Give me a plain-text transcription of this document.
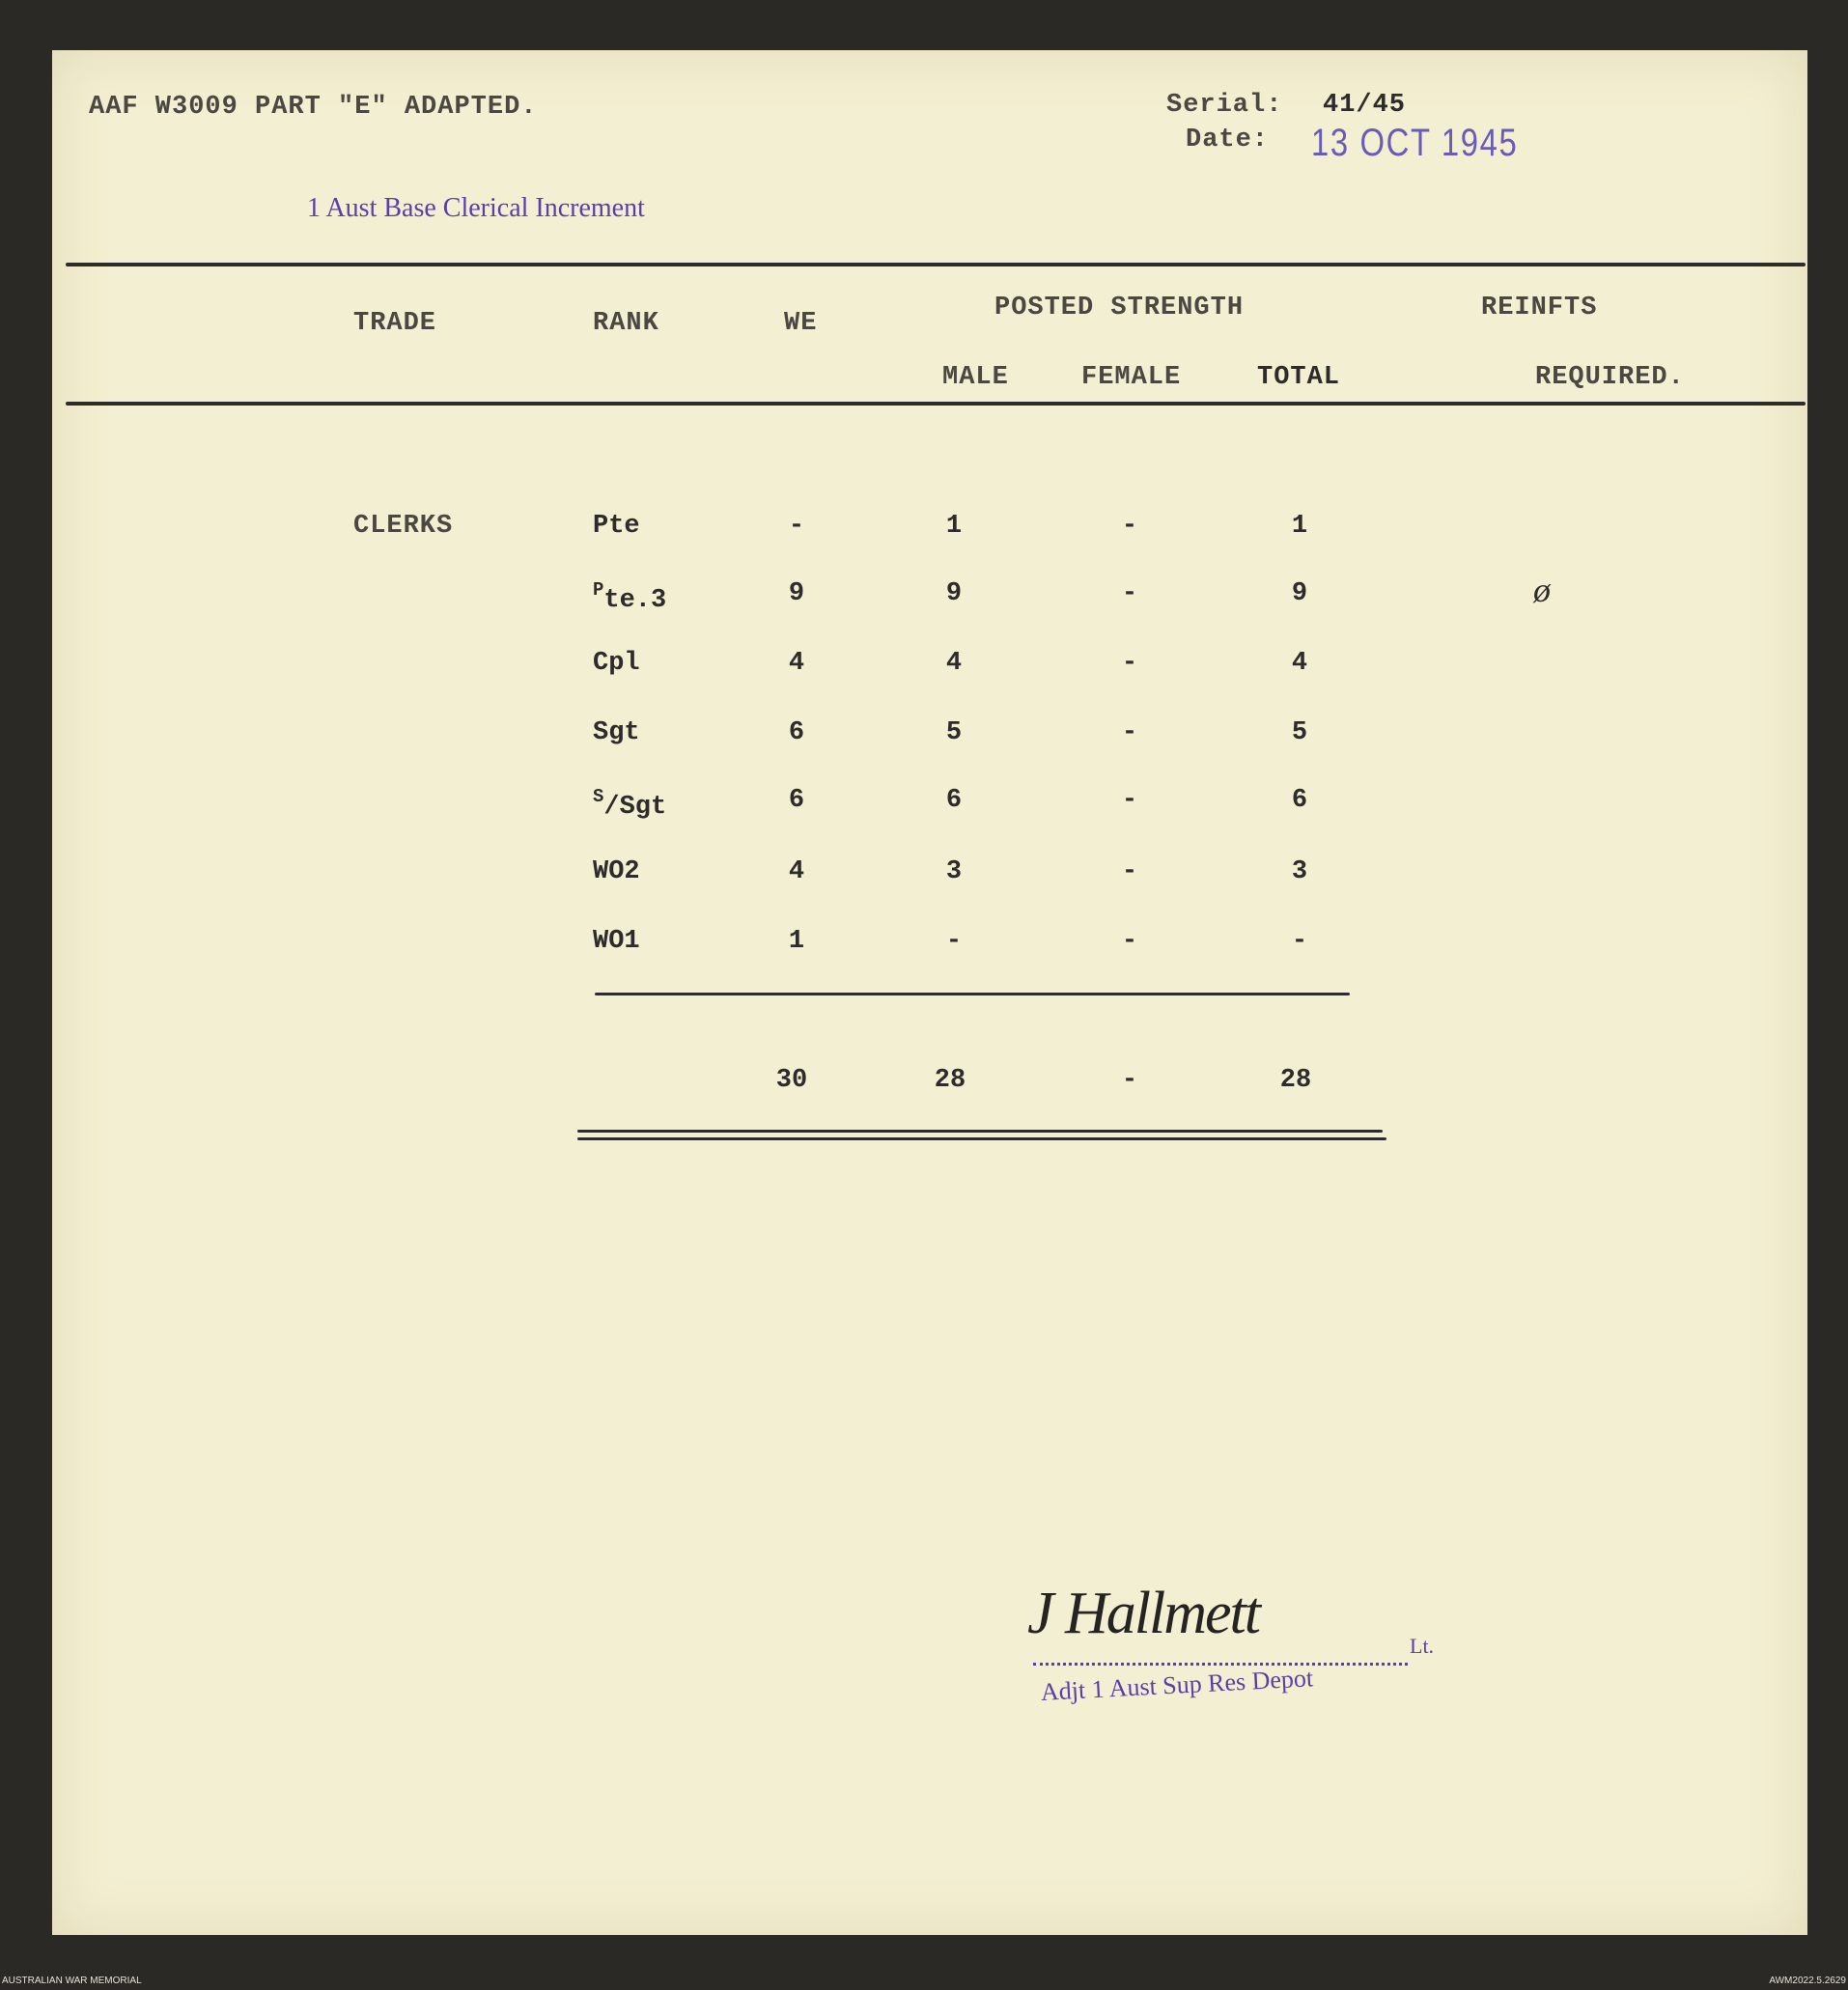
AAF W3009 PART "E" ADAPTED.	Serial: 41/45
Date: 13 OCT 1945
1 Aust Base Clerical Increment
TRADE	RANK	WE
POSTED STRENGTH
MALE	FEMALE	TOTAL
REINFTS
REQUIRED.
CLERKS	Pte	-	1	-	1
$^P$te.3	9	9	-	9	ø
Cpl	4	4	-	4
Sgt	6	5	-	5
$^S$/Sgt	6	6	-	6
WO2	4	3	-	3
WO1	1	-	-	-
30	28	-	28
J Hallmett	Lt.
Adjt 1 Aust Sup Res Depot
AUSTRALIAN WAR MEMORIAL	AWM2022.5.2629
